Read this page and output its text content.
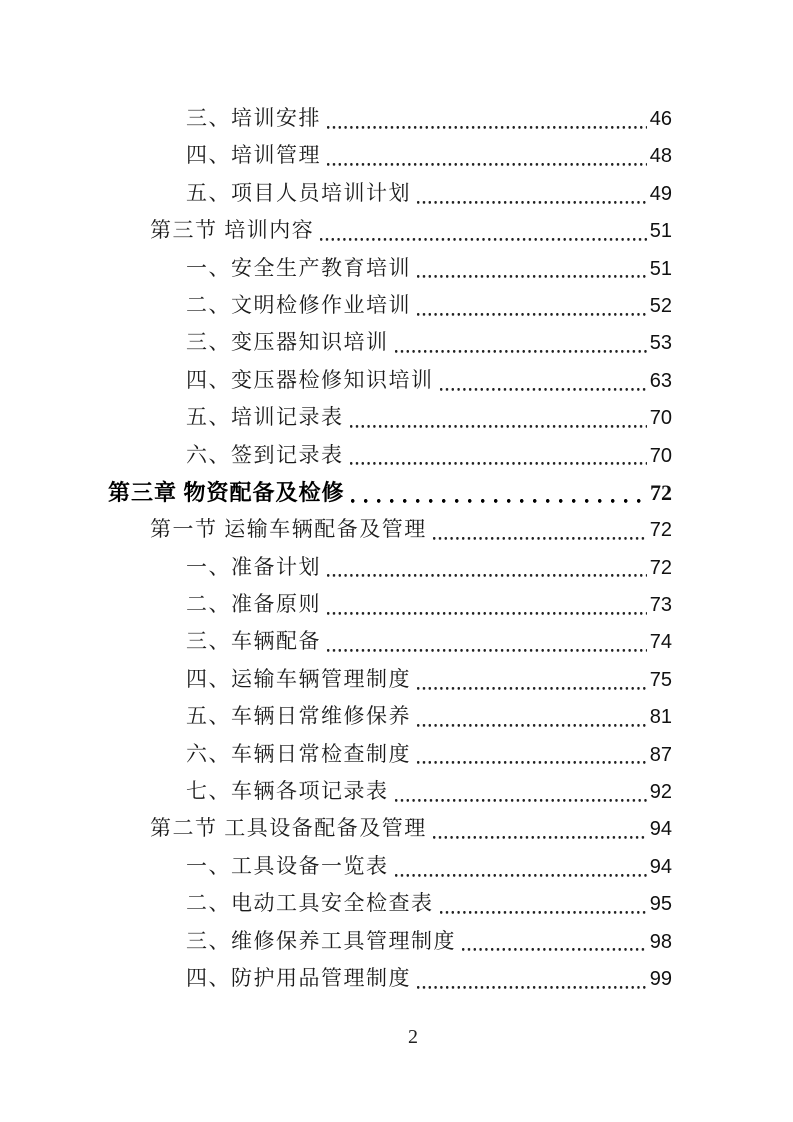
三、培训安排	46
四、培训管理	48
五、项目人员培训计划	49
第三节 培训内容	51
一、安全生产教育培训	51
二、文明检修作业培训	52
三、变压器知识培训	53
四、变压器检修知识培训	63
五、培训记录表	70
六、签到记录表	70
第三章 物资配备及检修	72
第一节 运输车辆配备及管理	72
一、准备计划	72
二、准备原则	73
三、车辆配备	74
四、运输车辆管理制度	75
五、车辆日常维修保养	81
六、车辆日常检查制度	87
七、车辆各项记录表	92
第二节 工具设备配备及管理	94
一、工具设备一览表	94
二、电动工具安全检查表	95
三、维修保养工具管理制度	98
四、防护用品管理制度	99
2
